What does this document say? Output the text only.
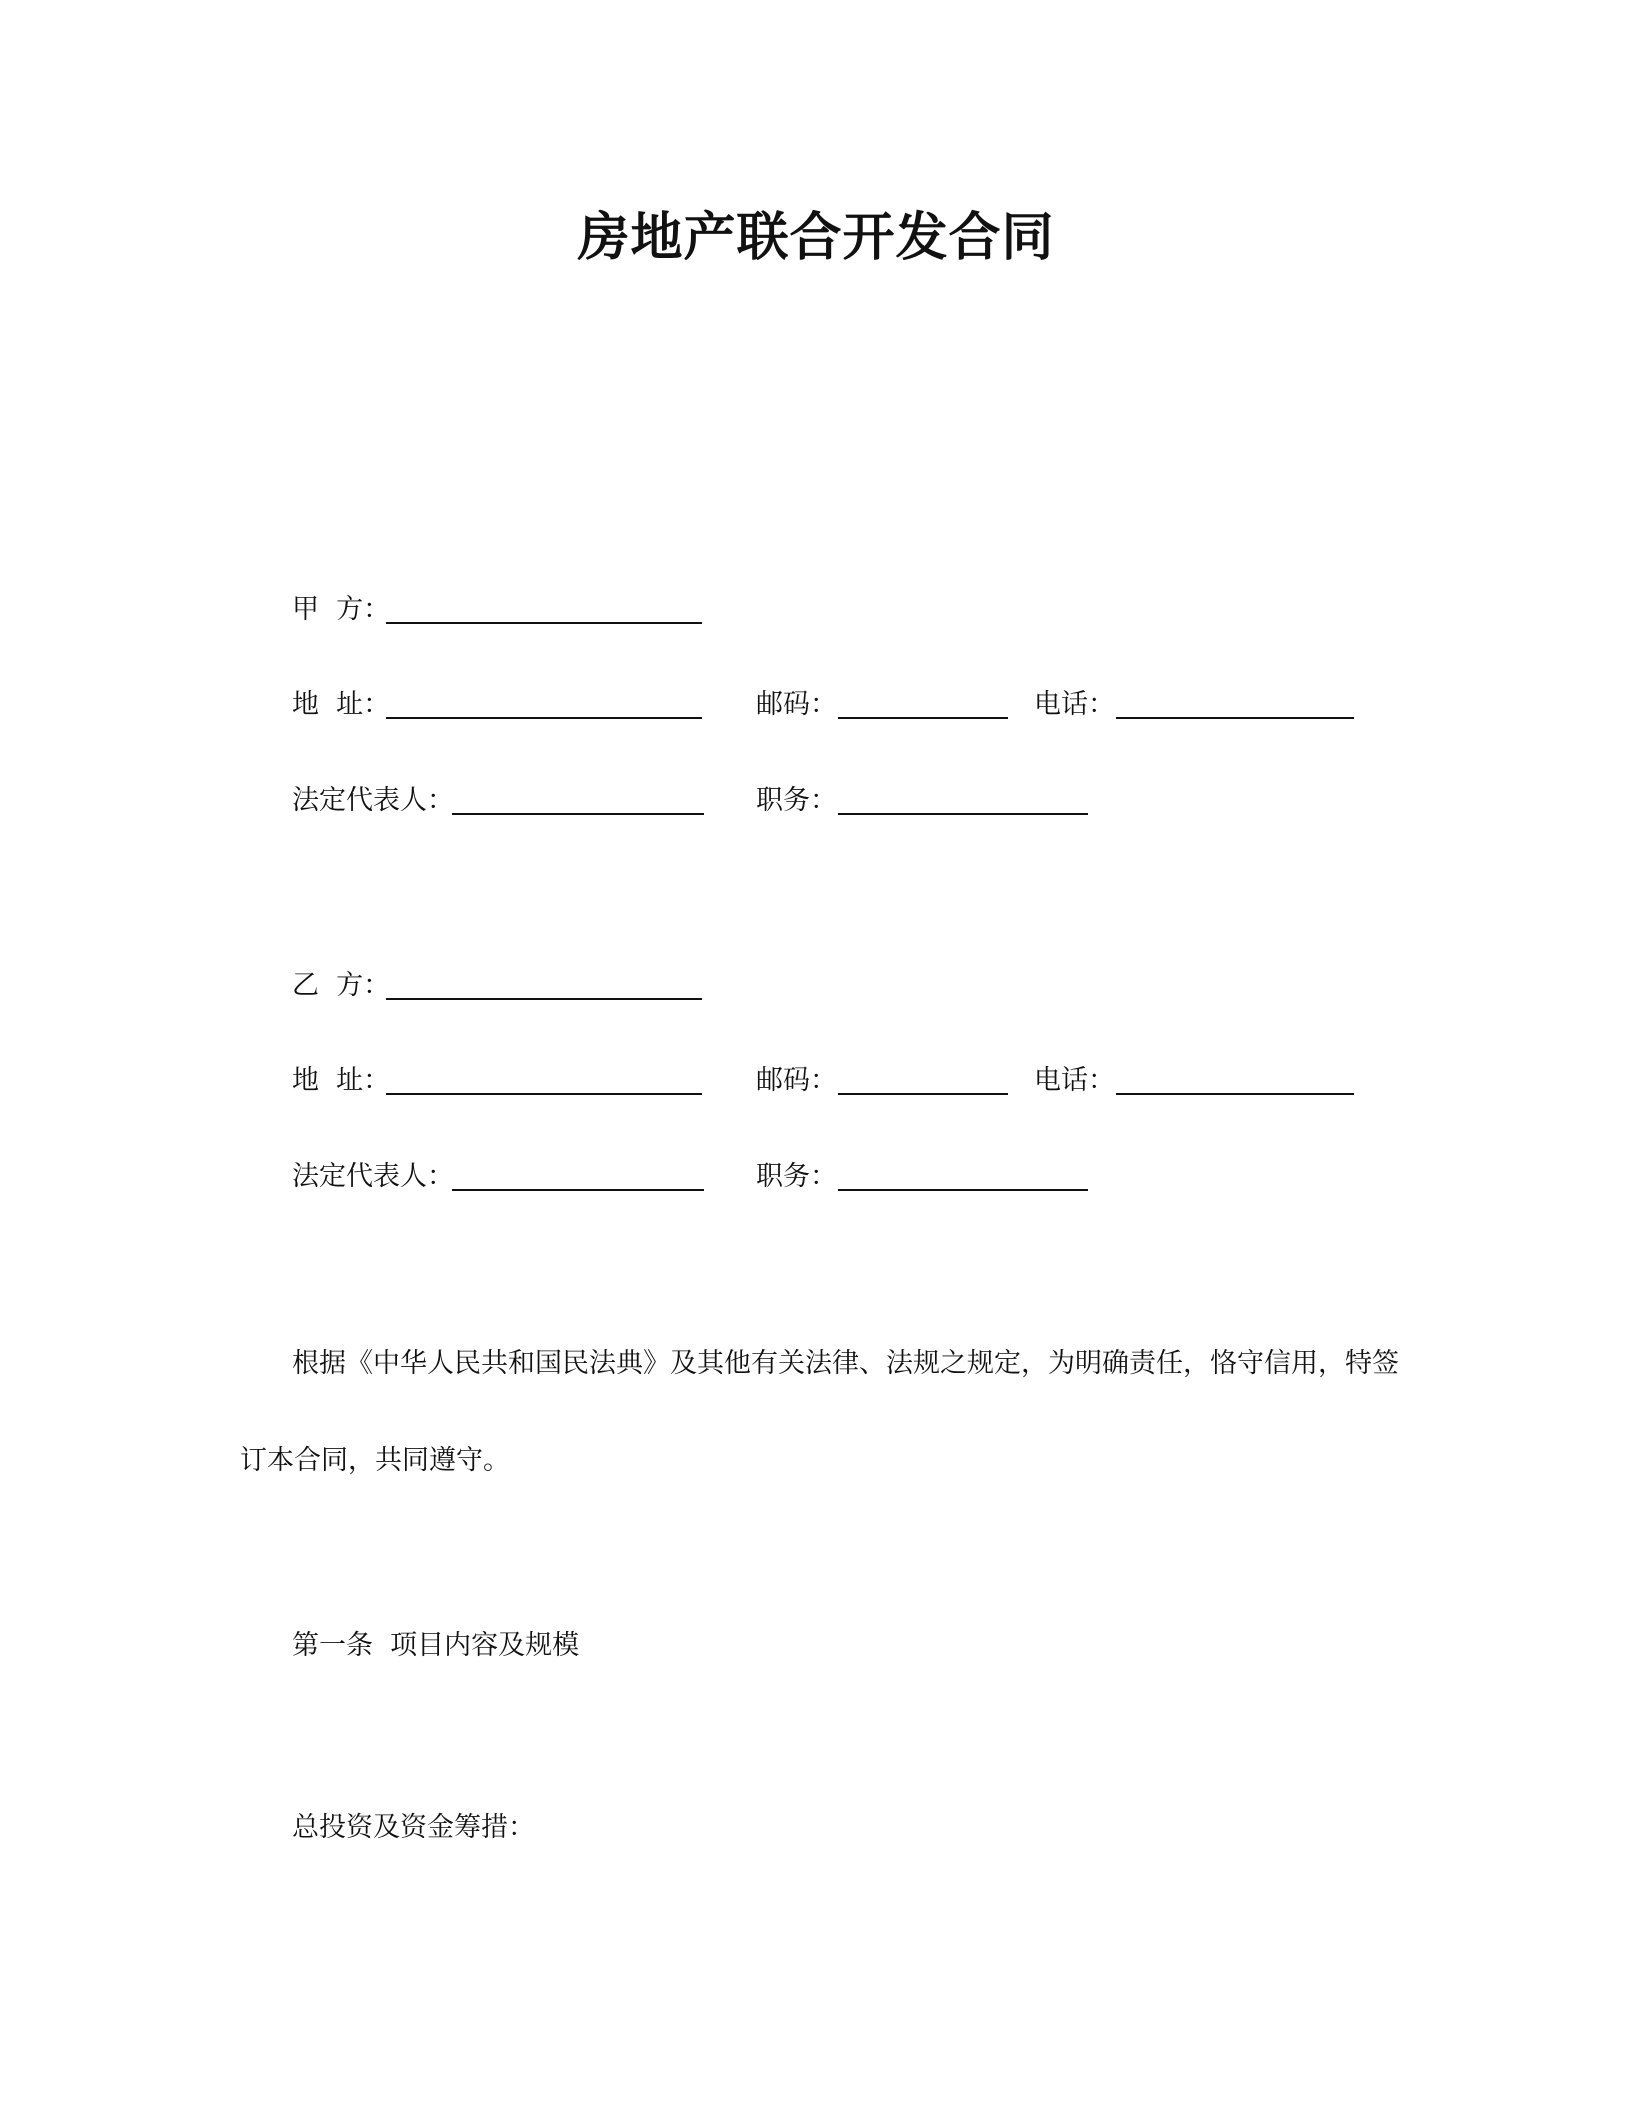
房地产联合开发合同
甲  方：
地  址：	邮码：	电话：
法定代表人：	职务：
乙  方：
地  址：	邮码：	电话：
法定代表人：	职务：
根据《中华人民共和国民法典》及其他有关法律、法规之规定，为明确责任，恪守信用，特签
订本合同，共同遵守。
第一条  项目内容及规模
总投资及资金筹措：
